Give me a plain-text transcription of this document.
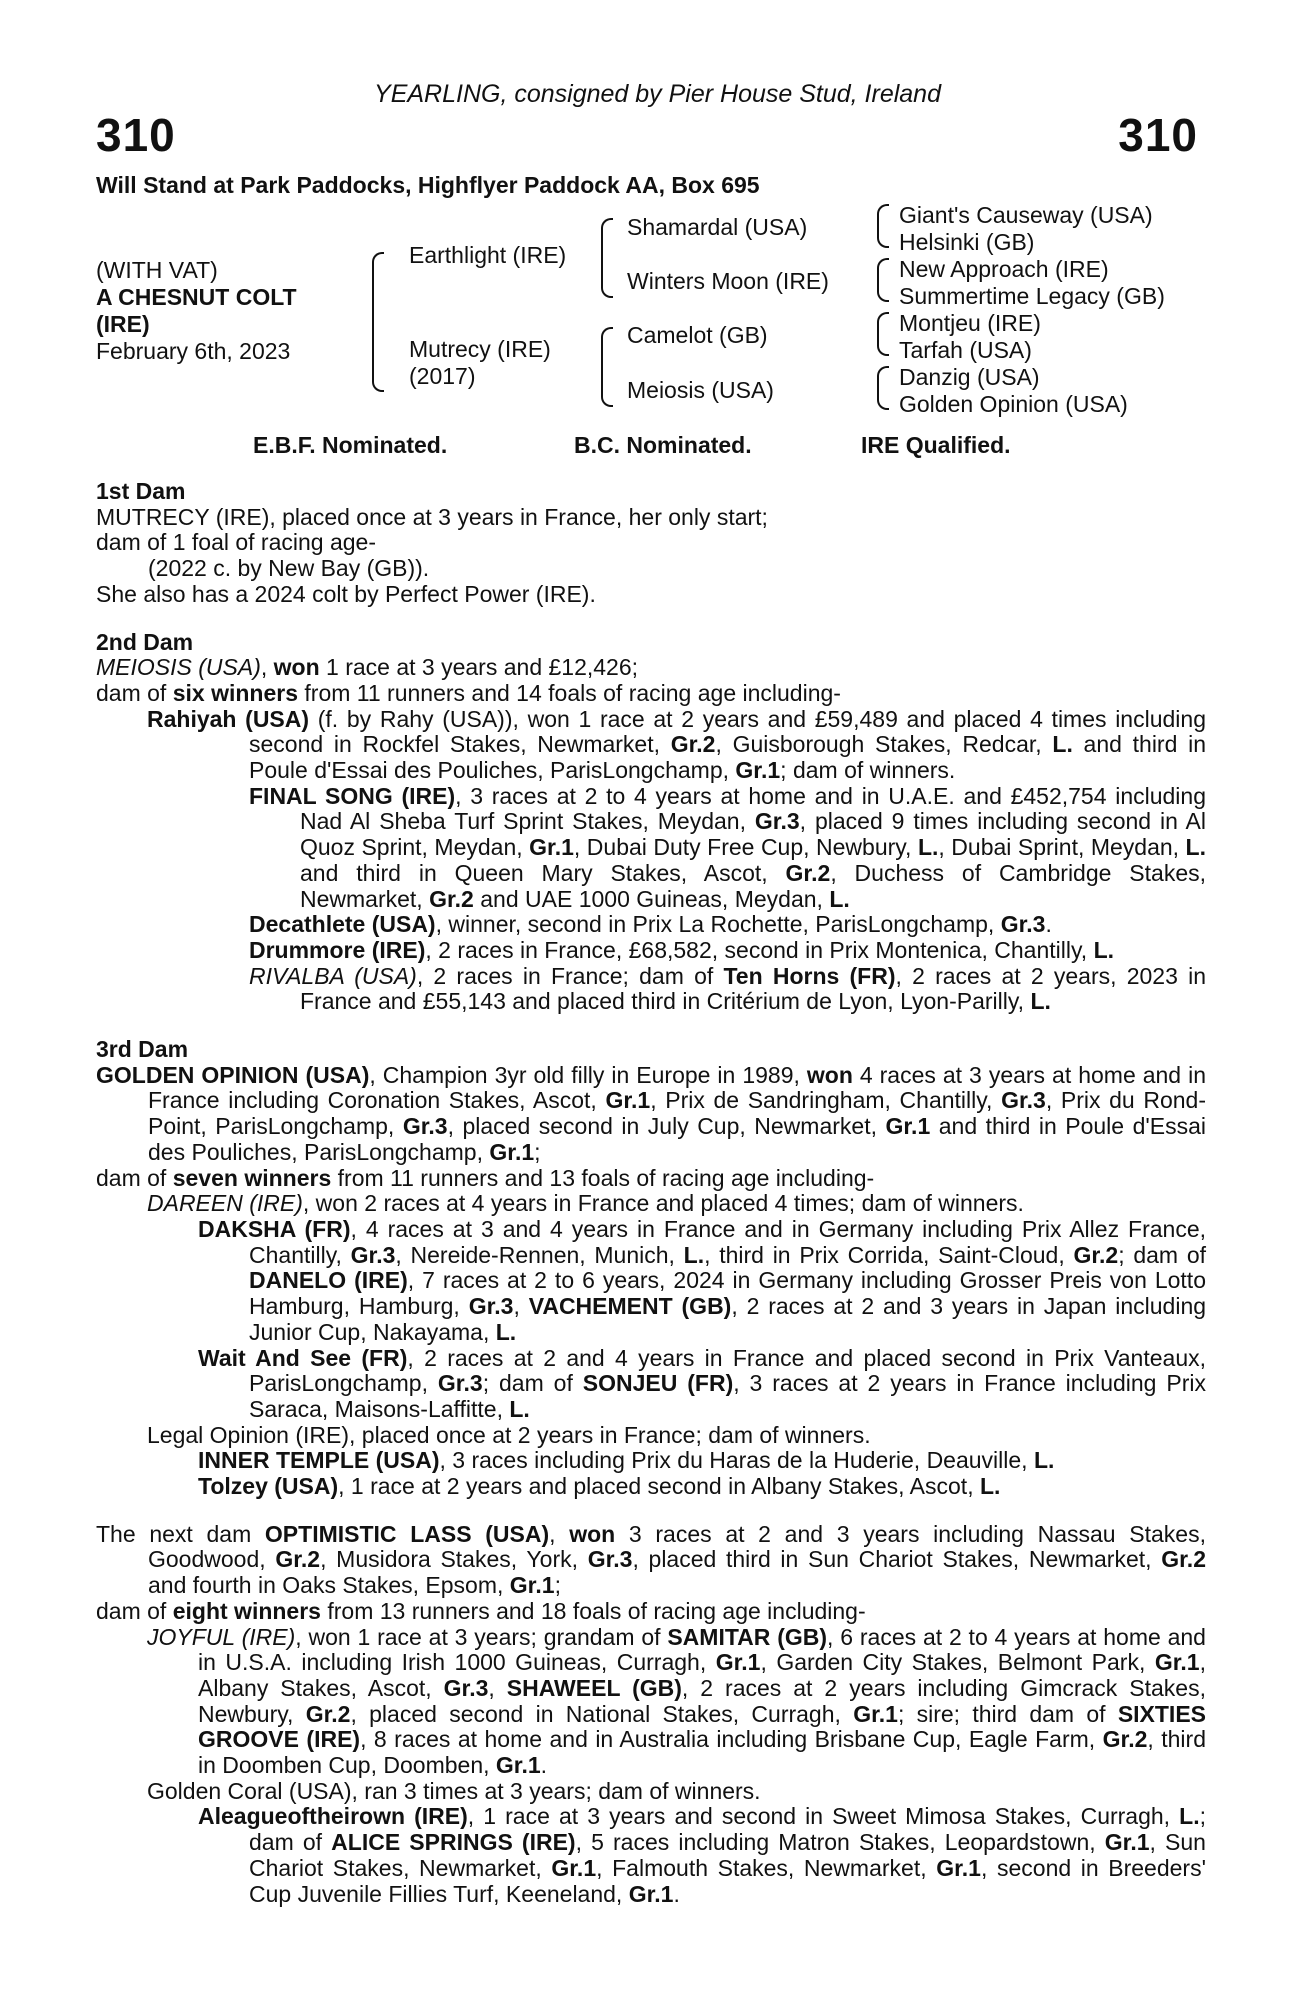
YEARLING, consigned by Pier House Stud, Ireland
310	310
Will Stand at Park Paddocks, Highflyer Paddock AA, Box 695
(WITH VAT)
A CHESNUT COLT
(IRE)
February 6th, 2023
Earthlight (IRE)
Mutrecy (IRE)
(2017)
Shamardal (USA)
Winters Moon (IRE)
Camelot (GB)
Meiosis (USA)
Giant's Causeway (USA)
Helsinki (GB)
New Approach (IRE)
Summertime Legacy (GB)
Montjeu (IRE)
Tarfah (USA)
Danzig (USA)
Golden Opinion (USA)
E.B.F. Nominated.	B.C. Nominated.	IRE Qualified.
1st Dam

MUTRECY (IRE), placed once at 3 years in France, her only start;

dam of 1 foal of racing age-

(2022 c. by New Bay (GB)).

She also has a 2024 colt by Perfect Power (IRE).

2nd Dam

MEIOSIS (USA), won 1 race at 3 years and £12,426;

dam of six winners from 11 runners and 14 foals of racing age including-

Rahiyah (USA) (f. by Rahy (USA)), won 1 race at 2 years and £59,489 and placed 4 times including second in Rockfel Stakes, Newmarket, Gr.2, Guisborough Stakes, Redcar, L. and third in Poule d'Essai des Pouliches, ParisLongchamp, Gr.1; dam of winners.

FINAL SONG (IRE), 3 races at 2 to 4 years at home and in U.A.E. and £452,754 including Nad Al Sheba Turf Sprint Stakes, Meydan, Gr.3, placed 9 times including second in Al Quoz Sprint, Meydan, Gr.1, Dubai Duty Free Cup, Newbury, L., Dubai Sprint, Meydan, L. and third in Queen Mary Stakes, Ascot, Gr.2, Duchess of Cambridge Stakes, Newmarket, Gr.2 and UAE 1000 Guineas, Meydan, L.

Decathlete (USA), winner, second in Prix La Rochette, ParisLongchamp, Gr.3.

Drummore (IRE), 2 races in France, £68,582, second in Prix Montenica, Chantilly, L.

RIVALBA (USA), 2 races in France; dam of Ten Horns (FR), 2 races at 2 years, 2023 in France and £55,143 and placed third in Critérium de Lyon, Lyon-Parilly, L.

3rd Dam

GOLDEN OPINION (USA), Champion 3yr old filly in Europe in 1989, won 4 races at 3 years at home and in France including Coronation Stakes, Ascot, Gr.1, Prix de Sandringham, Chantilly, Gr.3, Prix du Rond-Point, ParisLongchamp, Gr.3, placed second in July Cup, Newmarket, Gr.1 and third in Poule d'Essai des Pouliches, ParisLongchamp, Gr.1;

dam of seven winners from 11 runners and 13 foals of racing age including-

DAREEN (IRE), won 2 races at 4 years in France and placed 4 times; dam of winners.

DAKSHA (FR), 4 races at 3 and 4 years in France and in Germany including Prix Allez France, Chantilly, Gr.3, Nereide-Rennen, Munich, L., third in Prix Corrida, Saint-Cloud, Gr.2; dam of DANELO (IRE), 7 races at 2 to 6 years, 2024 in Germany including Grosser Preis von Lotto Hamburg, Hamburg, Gr.3, VACHEMENT (GB), 2 races at 2 and 3 years in Japan including Junior Cup, Nakayama, L.

Wait And See (FR), 2 races at 2 and 4 years in France and placed second in Prix Vanteaux, ParisLongchamp, Gr.3; dam of SONJEU (FR), 3 races at 2 years in France including Prix Saraca, Maisons-Laffitte, L.

Legal Opinion (IRE), placed once at 2 years in France; dam of winners.

INNER TEMPLE (USA), 3 races including Prix du Haras de la Huderie, Deauville, L.

Tolzey (USA), 1 race at 2 years and placed second in Albany Stakes, Ascot, L.

The next dam OPTIMISTIC LASS (USA), won 3 races at 2 and 3 years including Nassau Stakes, Goodwood, Gr.2, Musidora Stakes, York, Gr.3, placed third in Sun Chariot Stakes, Newmarket, Gr.2 and fourth in Oaks Stakes, Epsom, Gr.1;

dam of eight winners from 13 runners and 18 foals of racing age including-

JOYFUL (IRE), won 1 race at 3 years; grandam of SAMITAR (GB), 6 races at 2 to 4 years at home and in U.S.A. including Irish 1000 Guineas, Curragh, Gr.1, Garden City Stakes, Belmont Park, Gr.1, Albany Stakes, Ascot, Gr.3, SHAWEEL (GB), 2 races at 2 years including Gimcrack Stakes, Newbury, Gr.2, placed second in National Stakes, Curragh, Gr.1; sire; third dam of SIXTIES GROOVE (IRE), 8 races at home and in Australia including Brisbane Cup, Eagle Farm, Gr.2, third in Doomben Cup, Doomben, Gr.1.

Golden Coral (USA), ran 3 times at 3 years; dam of winners.

Aleagueoftheirown (IRE), 1 race at 3 years and second in Sweet Mimosa Stakes, Curragh, L.; dam of ALICE SPRINGS (IRE), 5 races including Matron Stakes, Leopardstown, Gr.1, Sun Chariot Stakes, Newmarket, Gr.1, Falmouth Stakes, Newmarket, Gr.1, second in Breeders' Cup Juvenile Fillies Turf, Keeneland, Gr.1.
